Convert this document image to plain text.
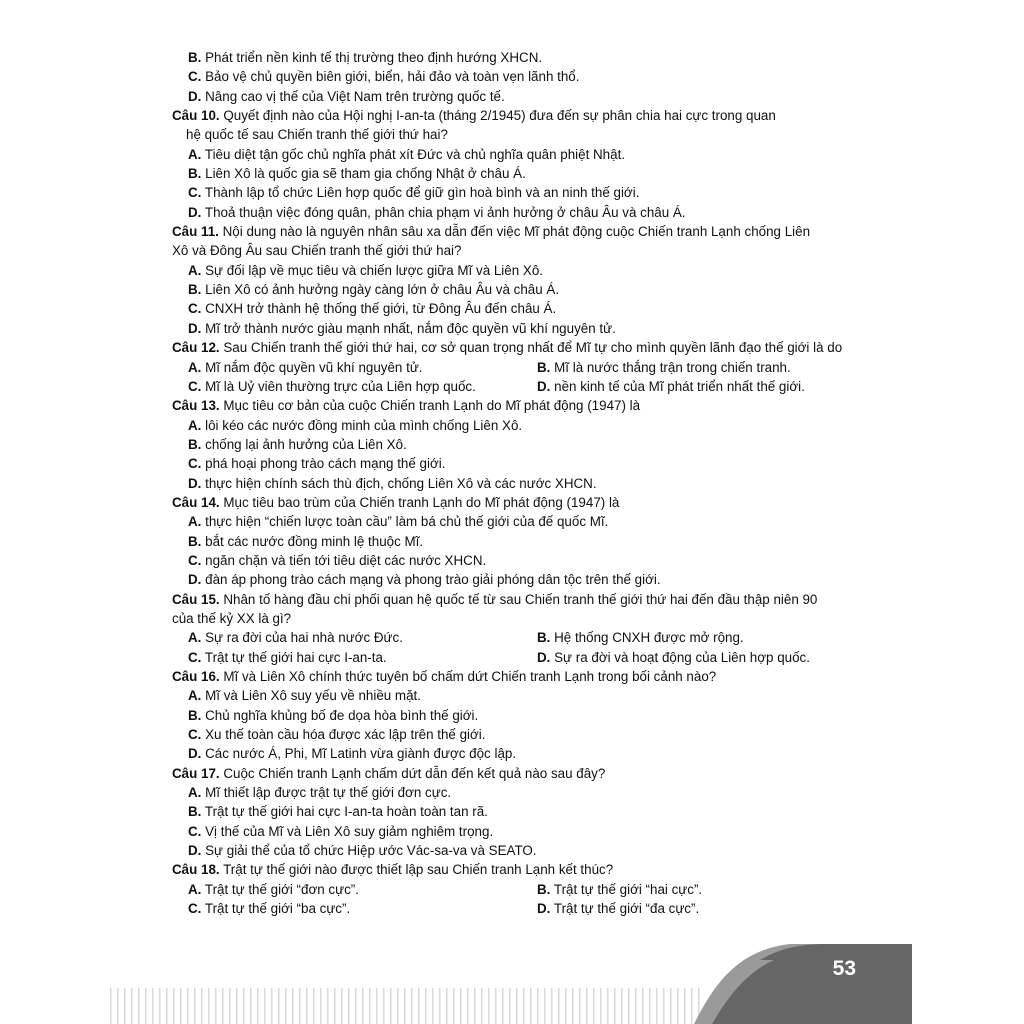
B. Phát triển nền kinh tế thị trường theo định hướng XHCN.
C. Bảo vệ chủ quyền biên giới, biển, hải đảo và toàn vẹn lãnh thổ.
D. Nâng cao vị thế của Việt Nam trên trường quốc tế.
Câu 10. Quyết định nào của Hội nghị I-an-ta (tháng 2/1945) đưa đến sự phân chia hai cực trong quan
hệ quốc tế sau Chiến tranh thế giới thứ hai?
A. Tiêu diệt tận gốc chủ nghĩa phát xít Đức và chủ nghĩa quân phiệt Nhật.
B. Liên Xô là quốc gia sẽ tham gia chống Nhật ở châu Á.
C. Thành lập tổ chức Liên hợp quốc để giữ gìn hoà bình và an ninh thế giới.
D. Thoả thuận việc đóng quân, phân chia phạm vi ảnh hưởng ở châu Âu và châu Á.
Câu 11. Nội dung nào là nguyên nhân sâu xa dẫn đến việc Mĩ phát động cuộc Chiến tranh Lạnh chống Liên
Xô và Đông Âu sau Chiến tranh thế giới thứ hai?
A. Sự đối lập về mục tiêu và chiến lược giữa Mĩ và Liên Xô.
B. Liên Xô có ảnh hưởng ngày càng lớn ở châu Âu và châu Á.
C. CNXH trở thành hệ thống thế giới, từ Đông Âu đến châu Á.
D. Mĩ trở thành nước giàu mạnh nhất, nắm độc quyền vũ khí nguyên tử.
Câu 12. Sau Chiến tranh thế giới thứ hai, cơ sở quan trọng nhất để Mĩ tự cho mình quyền lãnh đạo thế giới là do
A. Mĩ nắm độc quyền vũ khí nguyên tử.	B. Mĩ là nước thắng trận trong chiến tranh.
C. Mĩ là Uỷ viên thường trực của Liên hợp quốc.	D. nền kinh tế của Mĩ phát triển nhất thế giới.
Câu 13. Mục tiêu cơ bản của cuộc Chiến tranh Lạnh do Mĩ phát động (1947) là
A. lôi kéo các nước đồng minh của mình chống Liên Xô.
B. chống lại ảnh hưởng của Liên Xô.
C. phá hoại phong trào cách mạng thế giới.
D. thực hiện chính sách thù địch, chống Liên Xô và các nước XHCN.
Câu 14. Mục tiêu bao trùm của Chiến tranh Lạnh do Mĩ phát động (1947) là
A. thực hiện “chiến lược toàn cầu” làm bá chủ thế giới của đế quốc Mĩ.
B. bắt các nước đồng minh lệ thuộc Mĩ.
C. ngăn chặn và tiến tới tiêu diệt các nước XHCN.
D. đàn áp phong trào cách mạng và phong trào giải phóng dân tộc trên thế giới.
Câu 15. Nhân tố hàng đầu chi phối quan hệ quốc tế từ sau Chiến tranh thế giới thứ hai đến đầu thập niên 90
của thế kỷ XX là gì?
A. Sự ra đời của hai nhà nước Đức.	B. Hệ thống CNXH được mở rộng.
C. Trật tự thế giới hai cực I-an-ta.	D. Sự ra đời và hoạt động của Liên hợp quốc.
Câu 16. Mĩ và Liên Xô chính thức tuyên bố chấm dứt Chiến tranh Lạnh trong bối cảnh nào?
A. Mĩ và Liên Xô suy yếu về nhiều mặt.
B. Chủ nghĩa khủng bố đe dọa hòa bình thế giới.
C. Xu thế toàn cầu hóa được xác lập trên thế giới.
D. Các nước Á, Phi, Mĩ Latinh vừa giành được độc lập.
Câu 17. Cuộc Chiến tranh Lạnh chấm dứt dẫn đến kết quả nào sau đây?
A. Mĩ thiết lập được trật tự thế giới đơn cực.
B. Trật tự thế giới hai cực I-an-ta hoàn toàn tan rã.
C. Vị thế của Mĩ và Liên Xô suy giảm nghiêm trọng.
D. Sự giải thể của tổ chức Hiệp ước Vác-sa-va và SEATO.
Câu 18. Trật tự thế giới nào được thiết lập sau Chiến tranh Lạnh kết thúc?
A. Trật tự thế giới “đơn cực”.	B. Trật tự thế giới “hai cực”.
C. Trật tự thế giới “ba cực”.	D. Trật tự thế giới “đa cực”.
53
